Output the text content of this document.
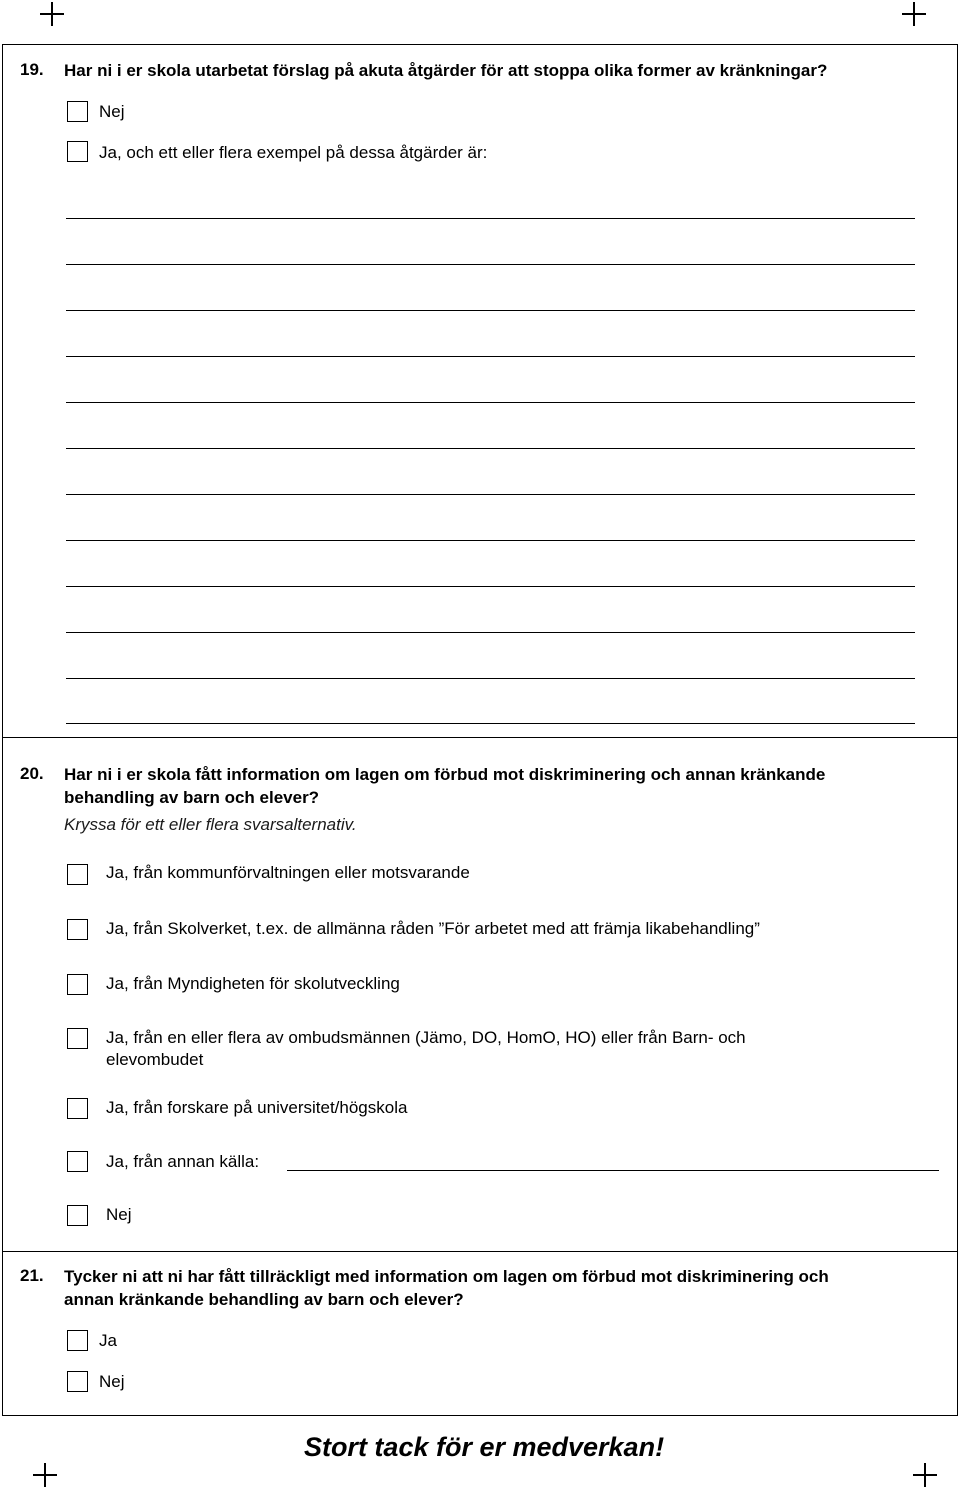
19. Har ni i er skola utarbetat förslag på akuta åtgärder för att stoppa olika former av kränkningar?
Nej
Ja, och ett eller flera exempel på dessa åtgärder är:
20. Har ni i er skola fått information om lagen om förbud mot diskriminering och annan kränkande
behandling av barn och elever?
Kryssa för ett eller flera svarsalternativ.
Ja, från kommunförvaltningen eller motsvarande
Ja, från Skolverket, t.ex. de allmänna råden ”För arbetet med att främja likabehandling”
Ja, från Myndigheten för skolutveckling
Ja, från en eller flera av ombudsmännen (Jämo, DO, HomO, HO) eller från Barn- och
elevombudet
Ja, från forskare på universitet/högskola
Ja, från annan källa:
Nej
21. Tycker ni att ni har fått tillräckligt med information om lagen om förbud mot diskriminering och
annan kränkande behandling av barn och elever?
Ja
Nej
Stort tack för er medverkan!
